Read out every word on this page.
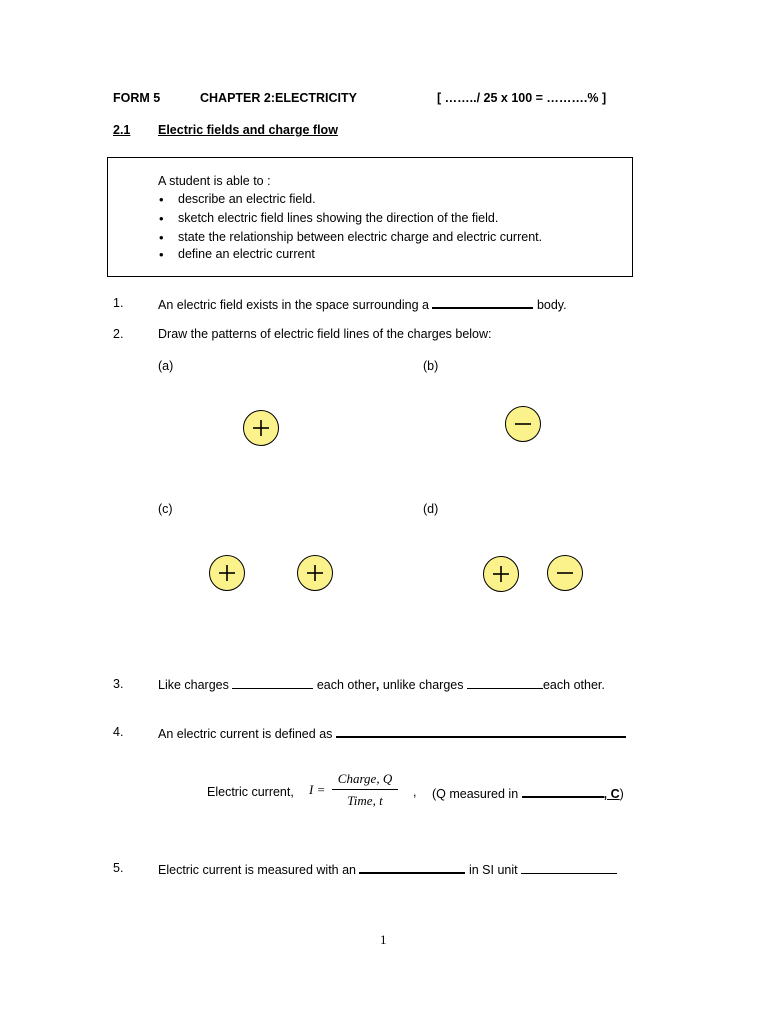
FORM 5	CHAPTER 2:ELECTRICITY	[ ……../ 25 x 100 = ……….% ]
2.1 Electric fields and charge flow
A student is able to :
• describe an electric field.
• sketch electric field lines showing the direction of the field.
• state the relationship between electric charge and electric current.
• define an electric current
1.	An electric field exists in the space surrounding a	body.
2.	Draw the patterns of electric field lines of the charges below:
(a)	(b)
(c)	(d)
3.	Like charges	each other, unlike charges	each other.
4.	An electric current is defined as
Electric current, I =
Charge, Q
Time, t
, (Q measured in	, C)
5.	Electric current is measured with an	in SI unit
1
